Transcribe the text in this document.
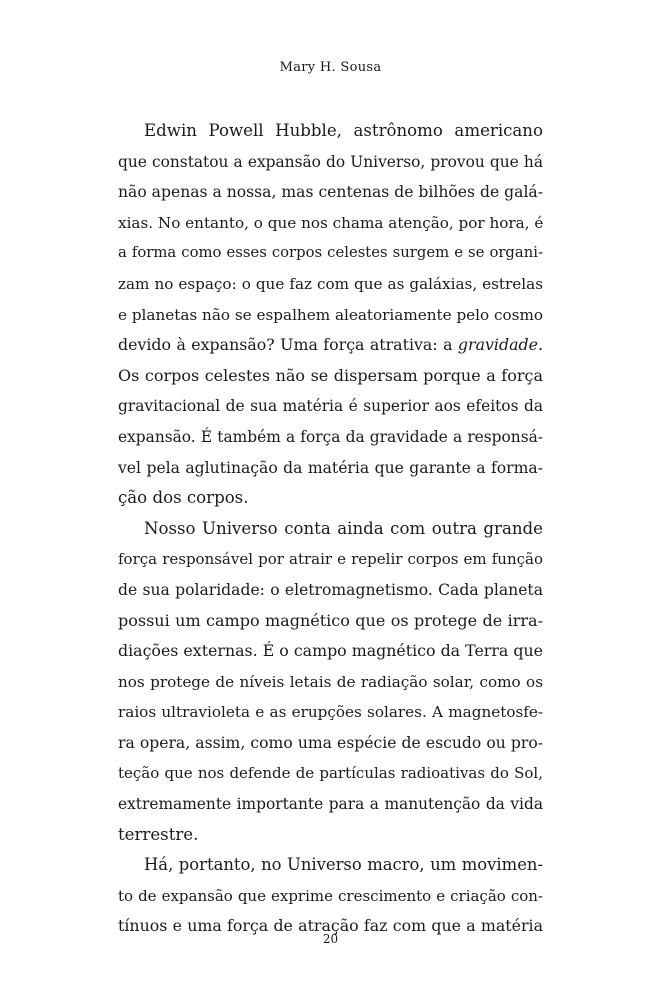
Mary H. Sousa
Edwin Powell Hubble, astrônomo americano
que constatou a expansão do Universo, provou que há
não apenas a nossa, mas centenas de bilhões de galá-
xias. No entanto, o que nos chama atenção, por hora, é
a forma como esses corpos celestes surgem e se organi-
zam no espaço: o que faz com que as galáxias, estrelas
e planetas não se espalhem aleatoriamente pelo cosmo
devido à expansão? Uma força atrativa: a gravidade.
Os corpos celestes não se dispersam porque a força
gravitacional de sua matéria é superior aos efeitos da
expansão. É também a força da gravidade a responsá-
vel pela aglutinação da matéria que garante a forma-
ção dos corpos.
Nosso Universo conta ainda com outra grande
força responsável por atrair e repelir corpos em função
de sua polaridade: o eletromagnetismo. Cada planeta
possui um campo magnético que os protege de irra-
diações externas. É o campo magnético da Terra que
nos protege de níveis letais de radiação solar, como os
raios ultravioleta e as erupções solares. A magnetosfe-
ra opera, assim, como uma espécie de escudo ou pro-
teção que nos defende de partículas radioativas do Sol,
extremamente importante para a manutenção da vida
terrestre.
Há, portanto, no Universo macro, um movimen-
to de expansão que exprime crescimento e criação con-
tínuos e uma força de atração faz com que a matéria
20
